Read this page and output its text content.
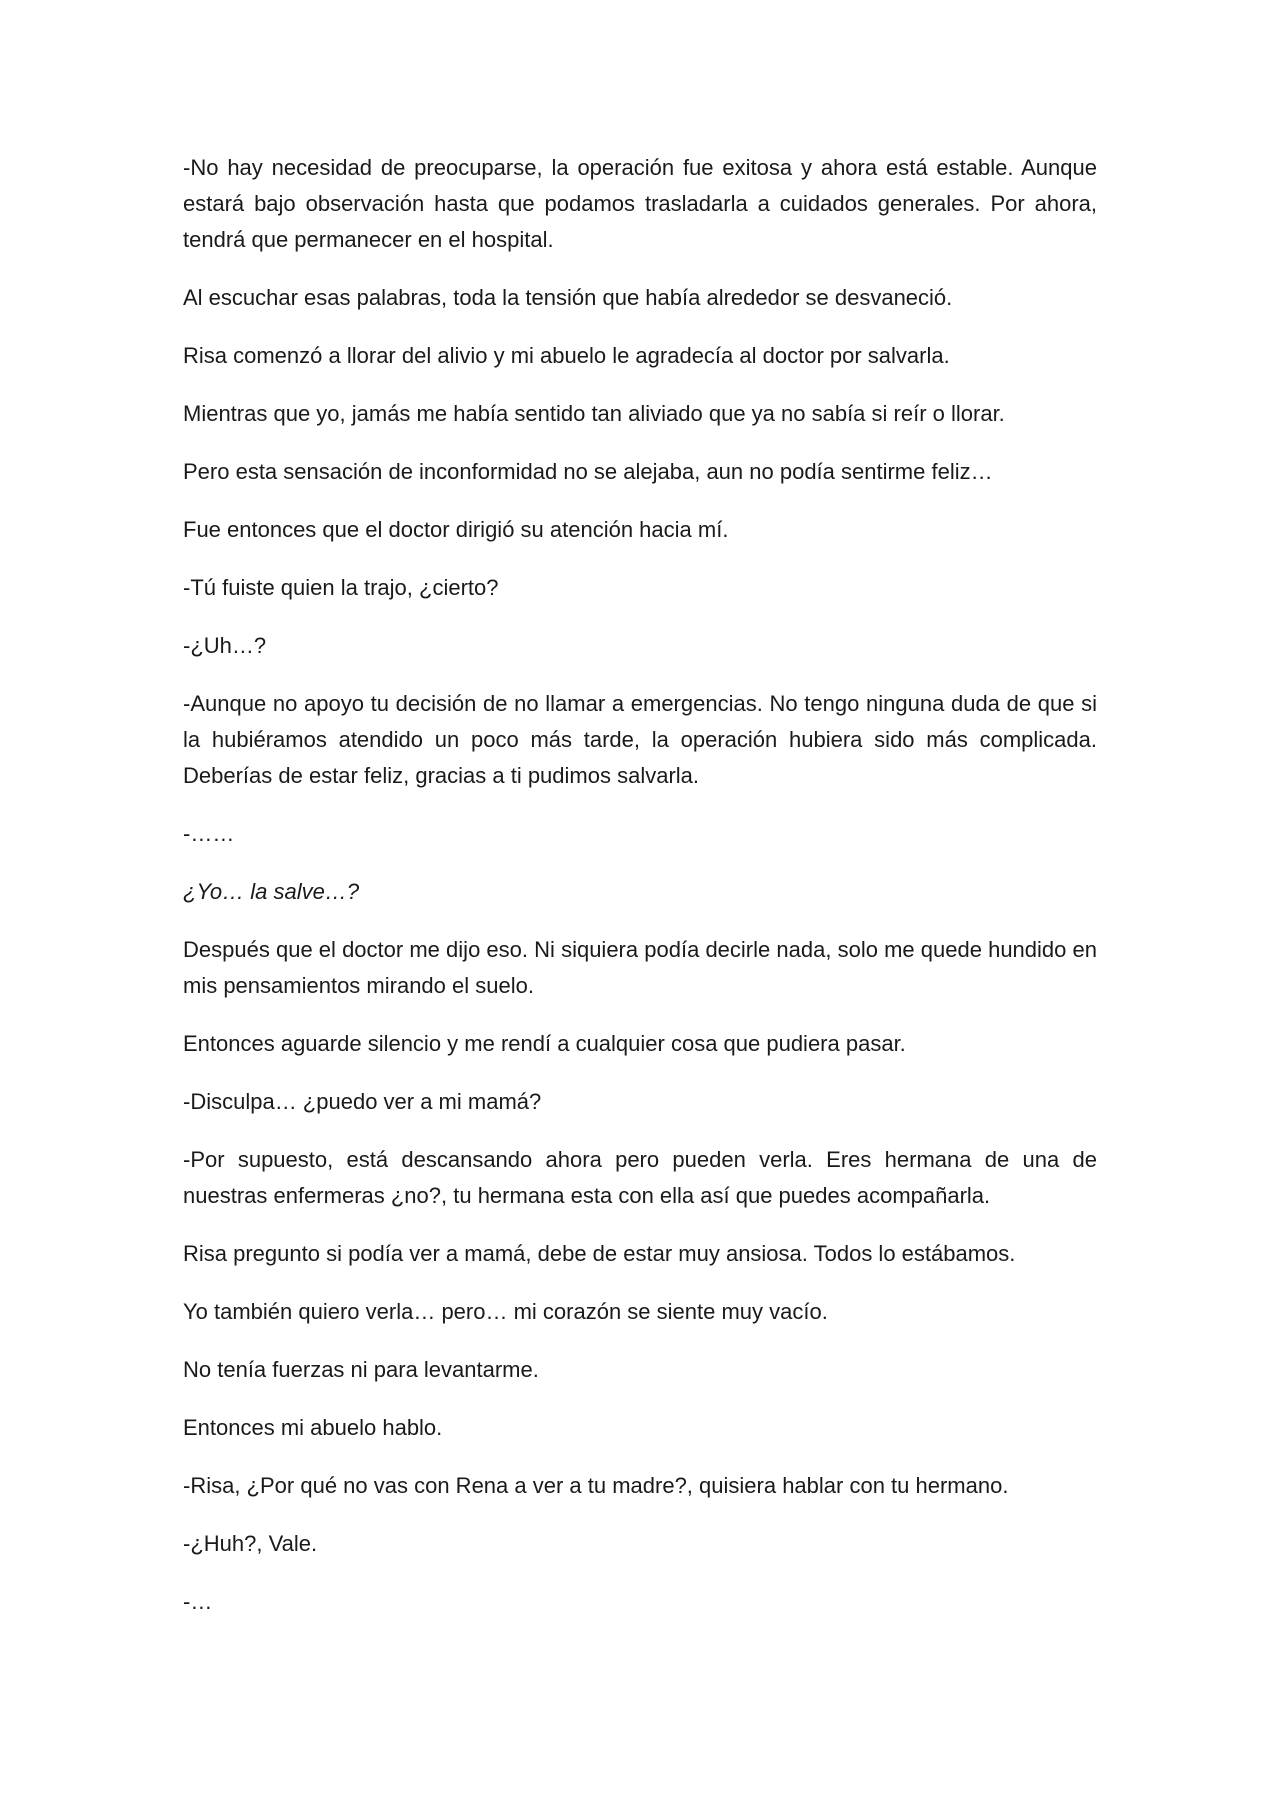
-No hay necesidad de preocuparse, la operación fue exitosa y ahora está estable. Aunque estará bajo observación hasta que podamos trasladarla a cuidados generales. Por ahora, tendrá que permanecer en el hospital.

Al escuchar esas palabras, toda la tensión que había alrededor se desvaneció.

Risa comenzó a llorar del alivio y mi abuelo le agradecía al doctor por salvarla.

Mientras que yo, jamás me había sentido tan aliviado que ya no sabía si reír o llorar.

Pero esta sensación de inconformidad no se alejaba, aun no podía sentirme feliz…

Fue entonces que el doctor dirigió su atención hacia mí.

-Tú fuiste quien la trajo, ¿cierto?

-¿Uh…?

-Aunque no apoyo tu decisión de no llamar a emergencias. No tengo ninguna duda de que si la hubiéramos atendido un poco más tarde, la operación hubiera sido más complicada. Deberías de estar feliz, gracias a ti pudimos salvarla.

-……

¿Yo… la salve…?

Después que el doctor me dijo eso. Ni siquiera podía decirle nada, solo me quede hundido en mis pensamientos mirando el suelo.

Entonces aguarde silencio y me rendí a cualquier cosa que pudiera pasar.

-Disculpa… ¿puedo ver a mi mamá?

-Por supuesto, está descansando ahora pero pueden verla. Eres hermana de una de nuestras enfermeras ¿no?, tu hermana esta con ella así que puedes acompañarla.

Risa pregunto si podía ver a mamá, debe de estar muy ansiosa. Todos lo estábamos.

Yo también quiero verla… pero… mi corazón se siente muy vacío.

No tenía fuerzas ni para levantarme.

Entonces mi abuelo hablo.

-Risa, ¿Por qué no vas con Rena a ver a tu madre?, quisiera hablar con tu hermano.

-¿Huh?, Vale.

-…
